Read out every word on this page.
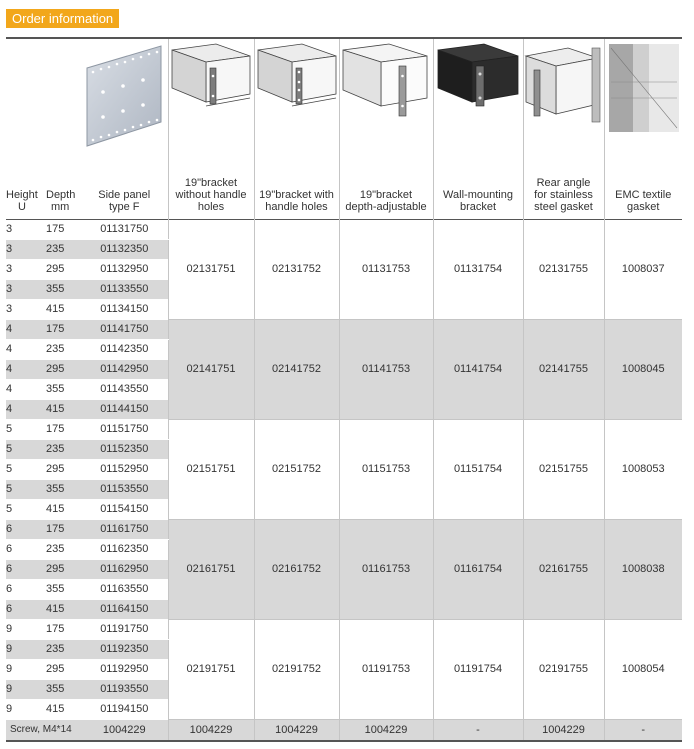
Order information

Height
U	Depth
mm	Side panel
type F	19"bracket
without handle
holes	19"bracket with
handle holes	19"bracket
depth-adjustable	Wall-mounting
bracket	Rear angle
for stainless
steel gasket	EMC textile
gasket
3	175	01131750	02131751	02131752	01131753	01131754	02131755	1008037
3	235	01132350						
3	295	01132950						
3	355	01133550						
3	415	01134150						
4	175	01141750	02141751	02141752	01141753	01141754	02141755	1008045
4	235	01142350						
4	295	01142950						
4	355	01143550						
4	415	01144150						
5	175	01151750	02151751	02151752	01151753	01151754	02151755	1008053
5	235	01152350						
5	295	01152950						
5	355	01153550						
5	415	01154150						
6	175	01161750	02161751	02161752	01161753	01161754	02161755	1008038
6	235	01162350						
6	295	01162950						
6	355	01163550						
6	415	01164150						
9	175	01191750	02191751	02191752	01191753	01191754	02191755	1008054
9	235	01192350						
9	295	01192950						
9	355	01193550						
9	415	01194150						
Screw, M4*14		1004229	1004229	1004229	1004229	-	1004229	-
